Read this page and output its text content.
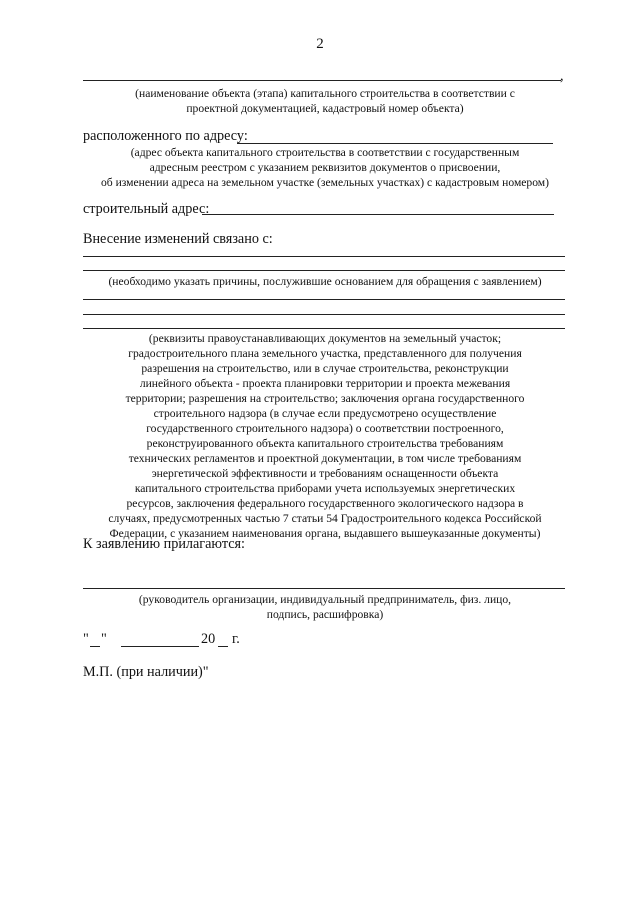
2
,
(наименование объекта (этапа) капитального строительства в соответствии с
проектной документацией, кадастровый номер объекта)
расположенного по адресу:
(адрес объекта капитального строительства в соответствии с государственным
адресным реестром с указанием реквизитов документов о присвоении,
об изменении адреса на земельном участке (земельных участках) с кадастровым номером)
строительный адрес:
Внесение изменений связано с:
(необходимо указать причины, послужившие основанием для обращения с заявлением)
(реквизиты правоустанавливающих документов на земельный участок;
градостроительного плана земельного участка, представленного для получения
разрешения на строительство, или в случае строительства, реконструкции
линейного объекта - проекта планировки территории и проекта межевания
территории; разрешения на строительство; заключения органа государственного
строительного надзора (в случае если предусмотрено осуществление
государственного строительного надзора) о соответствии построенного,
реконструированного объекта капитального строительства требованиям
технических регламентов и проектной документации, в том числе требованиям
энергетической эффективности и требованиям оснащенности объекта
капитального строительства приборами учета используемых энергетических
ресурсов, заключения федерального государственного экологического надзора в
случаях, предусмотренных частью 7 статьи 54 Градостроительного кодекса Российской
Федерации, с указанием наименования органа, выдавшего вышеуказанные документы)
К заявлению прилагаются:
(руководитель организации, индивидуальный предприниматель, физ. лицо,
подпись, расшифровка)
" "	20 г.
М.П. (при наличии)"
